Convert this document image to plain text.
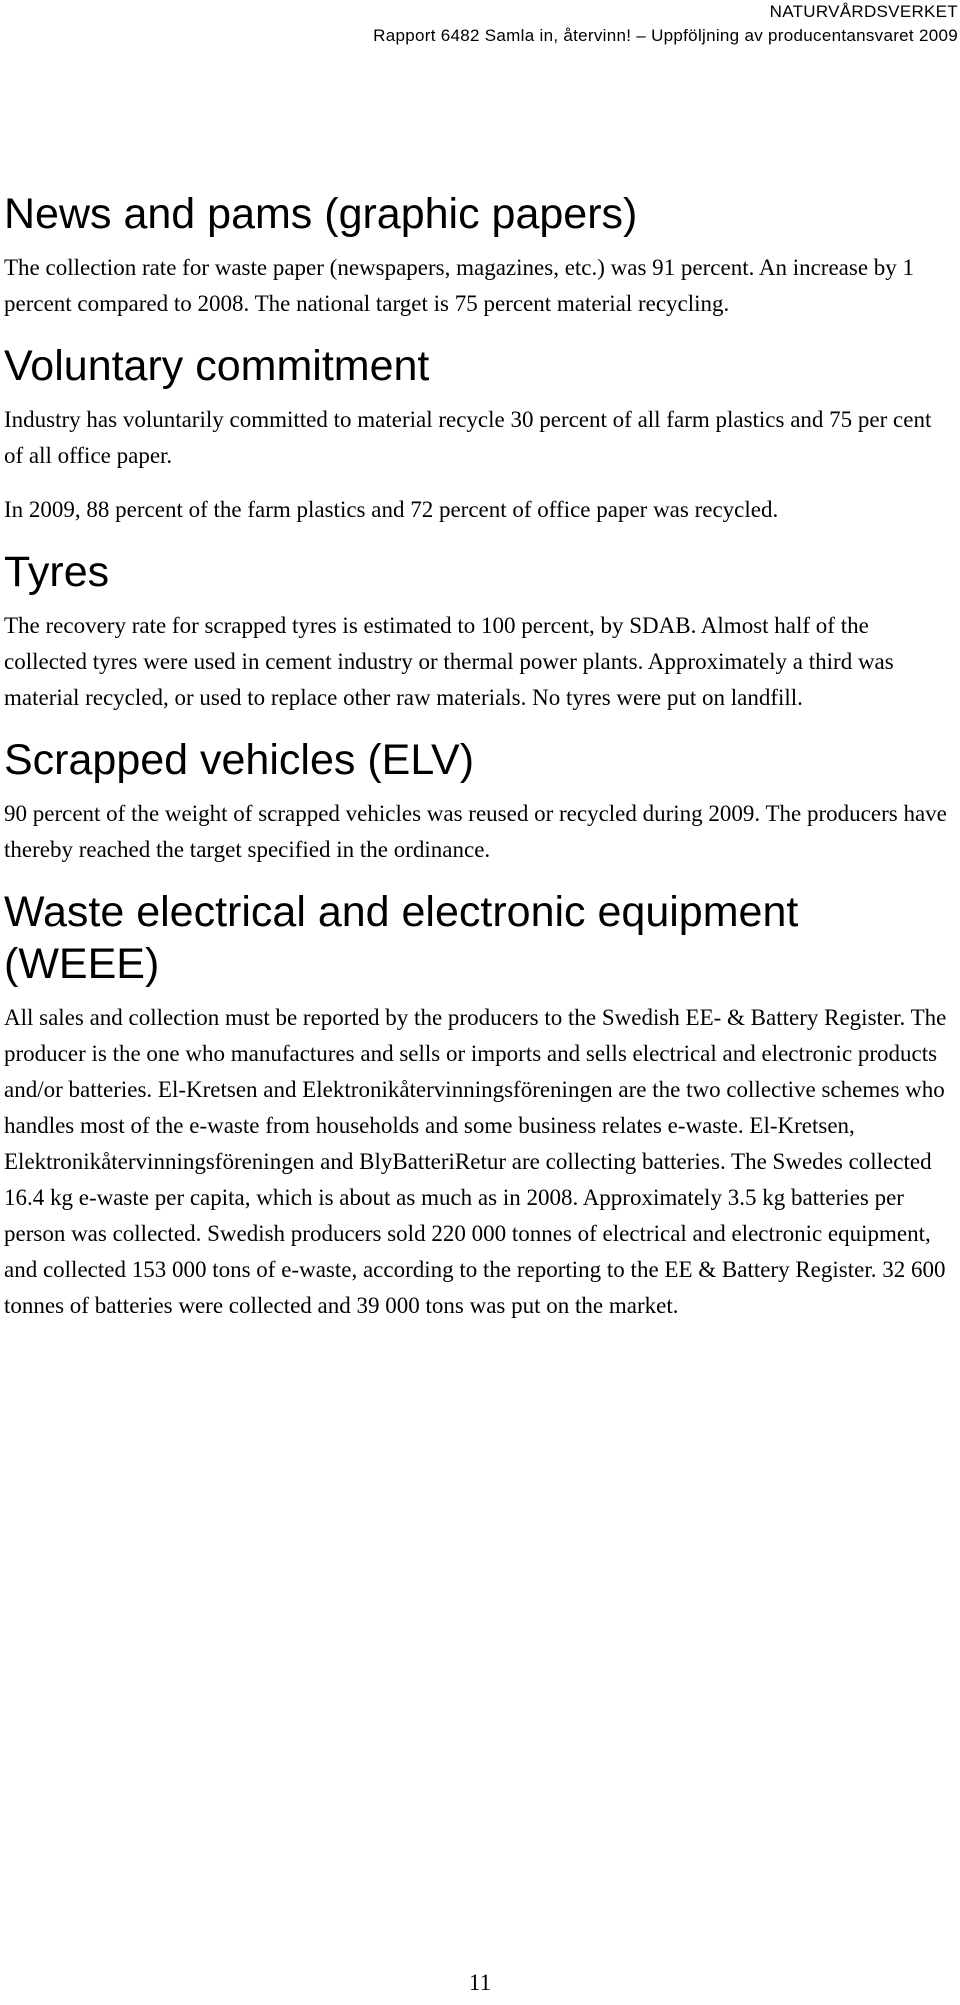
NATURVÅRDSVERKET
Rapport 6482 Samla in, återvinn! – Uppföljning av producentansvaret 2009
News and pams (graphic papers)

The collection rate for waste paper (newspapers, magazines, etc.) was 91 percent. An increase by 1 percent compared to 2008. The national target is 75 percent material recycling.

Voluntary commitment

Industry has voluntarily committed to material recycle 30 percent of all farm plastics and 75 per cent of all office paper.

In 2009, 88 percent of the farm plastics and 72 percent of office paper was recycled.

Tyres

The recovery rate for scrapped tyres is estimated to 100 percent, by SDAB. Almost half of the collected tyres were used in cement industry or thermal power plants. Approximately a third was material recycled, or used to replace other raw materials. No tyres were put on landfill.

Scrapped vehicles (ELV)

90 percent of the weight of scrapped vehicles was reused or recycled during 2009. The producers have thereby reached the target specified in the ordinance.

Waste electrical and electronic equipment (WEEE)

All sales and collection must be reported by the producers to the Swedish EE- & Battery Register. The producer is the one who manufactures and sells or imports and sells electrical and electronic products and/or batteries. El-Kretsen and Elektronikåtervinningsföreningen are the two collective schemes who handles most of the e-waste from households and some business relates e-waste. El-Kretsen, Elektronikåtervinningsföreningen and BlyBatteriRetur are collecting batteries. The Swedes collected 16.4 kg e-waste per capita, which is about as much as in 2008. Approximately 3.5 kg batteries per person was collected. Swedish producers sold 220 000 tonnes of electrical and electronic equipment, and collected 153 000 tons of e-waste, according to the reporting to the EE & Battery Register. 32 600 tonnes of batteries were collected and 39 000 tons was put on the market.

11
